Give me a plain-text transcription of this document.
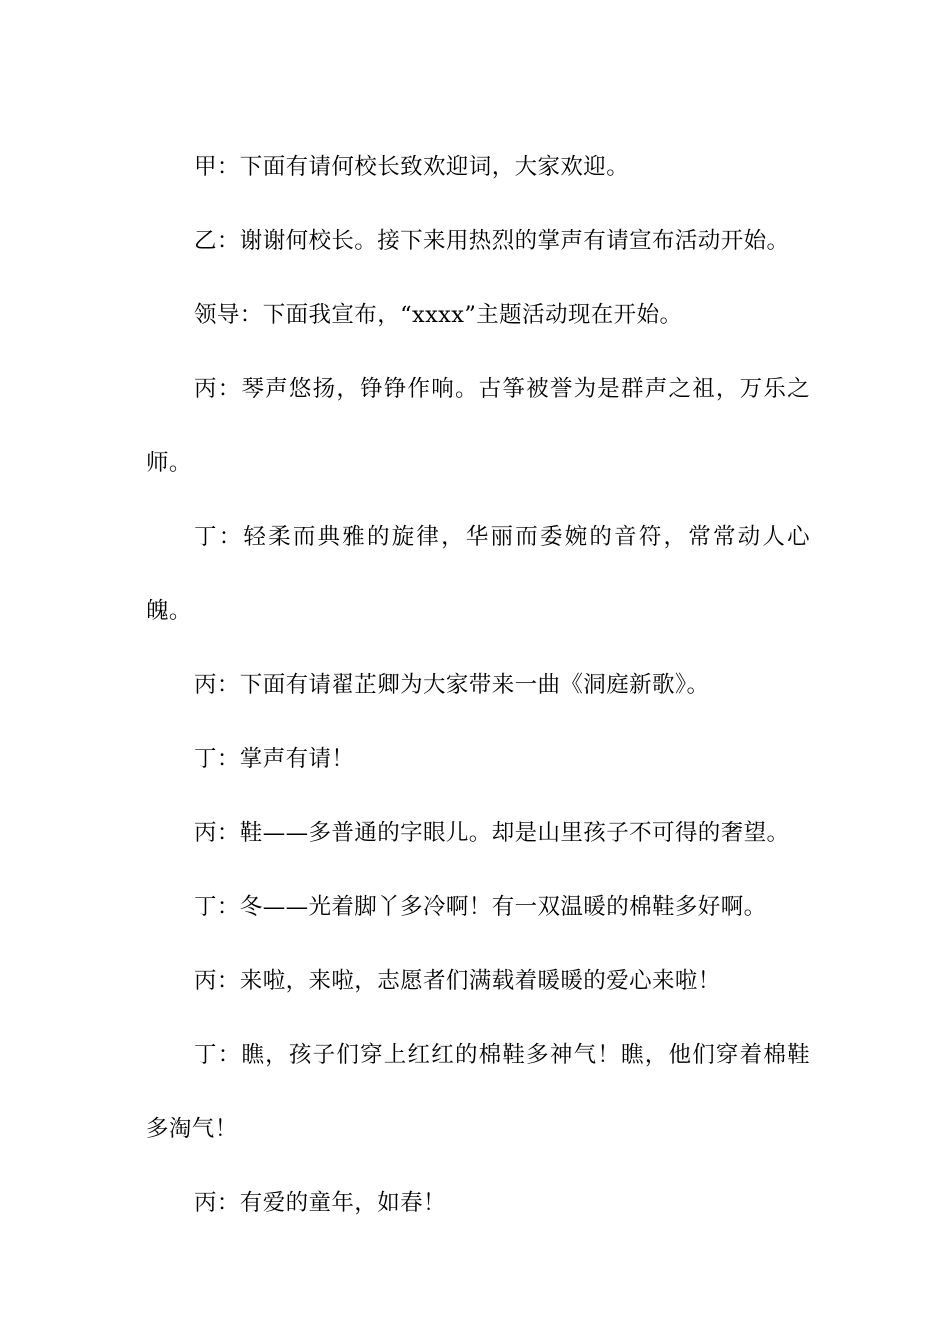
甲：下面有请何校长致欢迎词，大家欢迎。

乙：谢谢何校长。接下来用热烈的掌声有请宣布活动开始。

领导：下面我宣布，“xxxx”主题活动现在开始。

丙：琴声悠扬，铮铮作响。古筝被誉为是群声之祖，万乐之师。

丁：轻柔而典雅的旋律，华丽而委婉的音符，常常动人心魄。

丙：下面有请翟芷卿为大家带来一曲《洞庭新歌》。

丁：掌声有请！

丙：鞋——多普通的字眼儿。却是山里孩子不可得的奢望。

丁：冬——光着脚丫多冷啊！有一双温暖的棉鞋多好啊。

丙：来啦，来啦，志愿者们满载着暖暖的爱心来啦！

丁：瞧，孩子们穿上红红的棉鞋多神气！瞧，他们穿着棉鞋多淘气！

丙：有爱的童年，如春！
